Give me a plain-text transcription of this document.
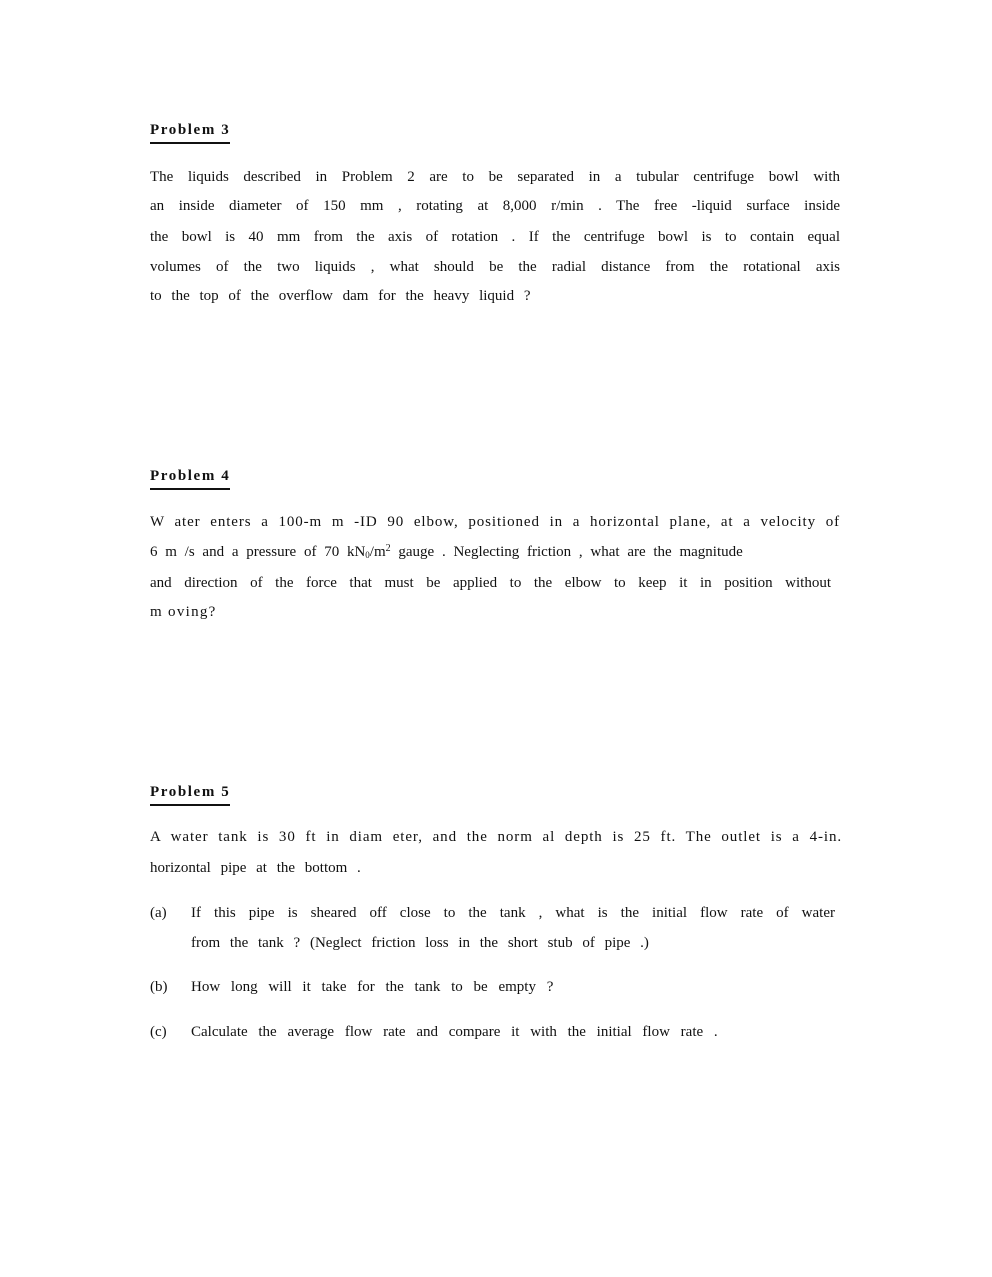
Problem 3
The liquids described in Problem 2 are to be separated in a tubular centrifuge bowl with
an inside diameter of 150 mm , rotating at 8,000 r/min . The free -liquid surface inside
the bowl is 40 mm from the axis of rotation . If the centrifuge bowl is to contain equal
volumes of the two liquids , what should be the radial distance from the rotational axis
to the top of the overflow dam for the heavy liquid ?
Problem 4
W ater enters a 100-m m -ID 90 elbow, positioned in a horizontal plane, at a velocity of
6 m /s and a pressure of 70 $kN_0/m^2$ gauge . Neglecting friction , what are the magnitude
and direction of the force that must be applied to the elbow to keep it in position without
m oving?
Problem 5
A water tank is 30 ft in diam eter, and the norm al depth is 25 ft. The outlet is a 4-in.
horizontal pipe at the bottom .
(a) If this pipe is sheared off close to the tank , what is the initial flow rate of water
from the tank ? (Neglect friction loss in the short stub of pipe .)
(b) How long will it take for the tank to be empty ?
(c) Calculate the average flow rate and compare it with the initial flow rate .
